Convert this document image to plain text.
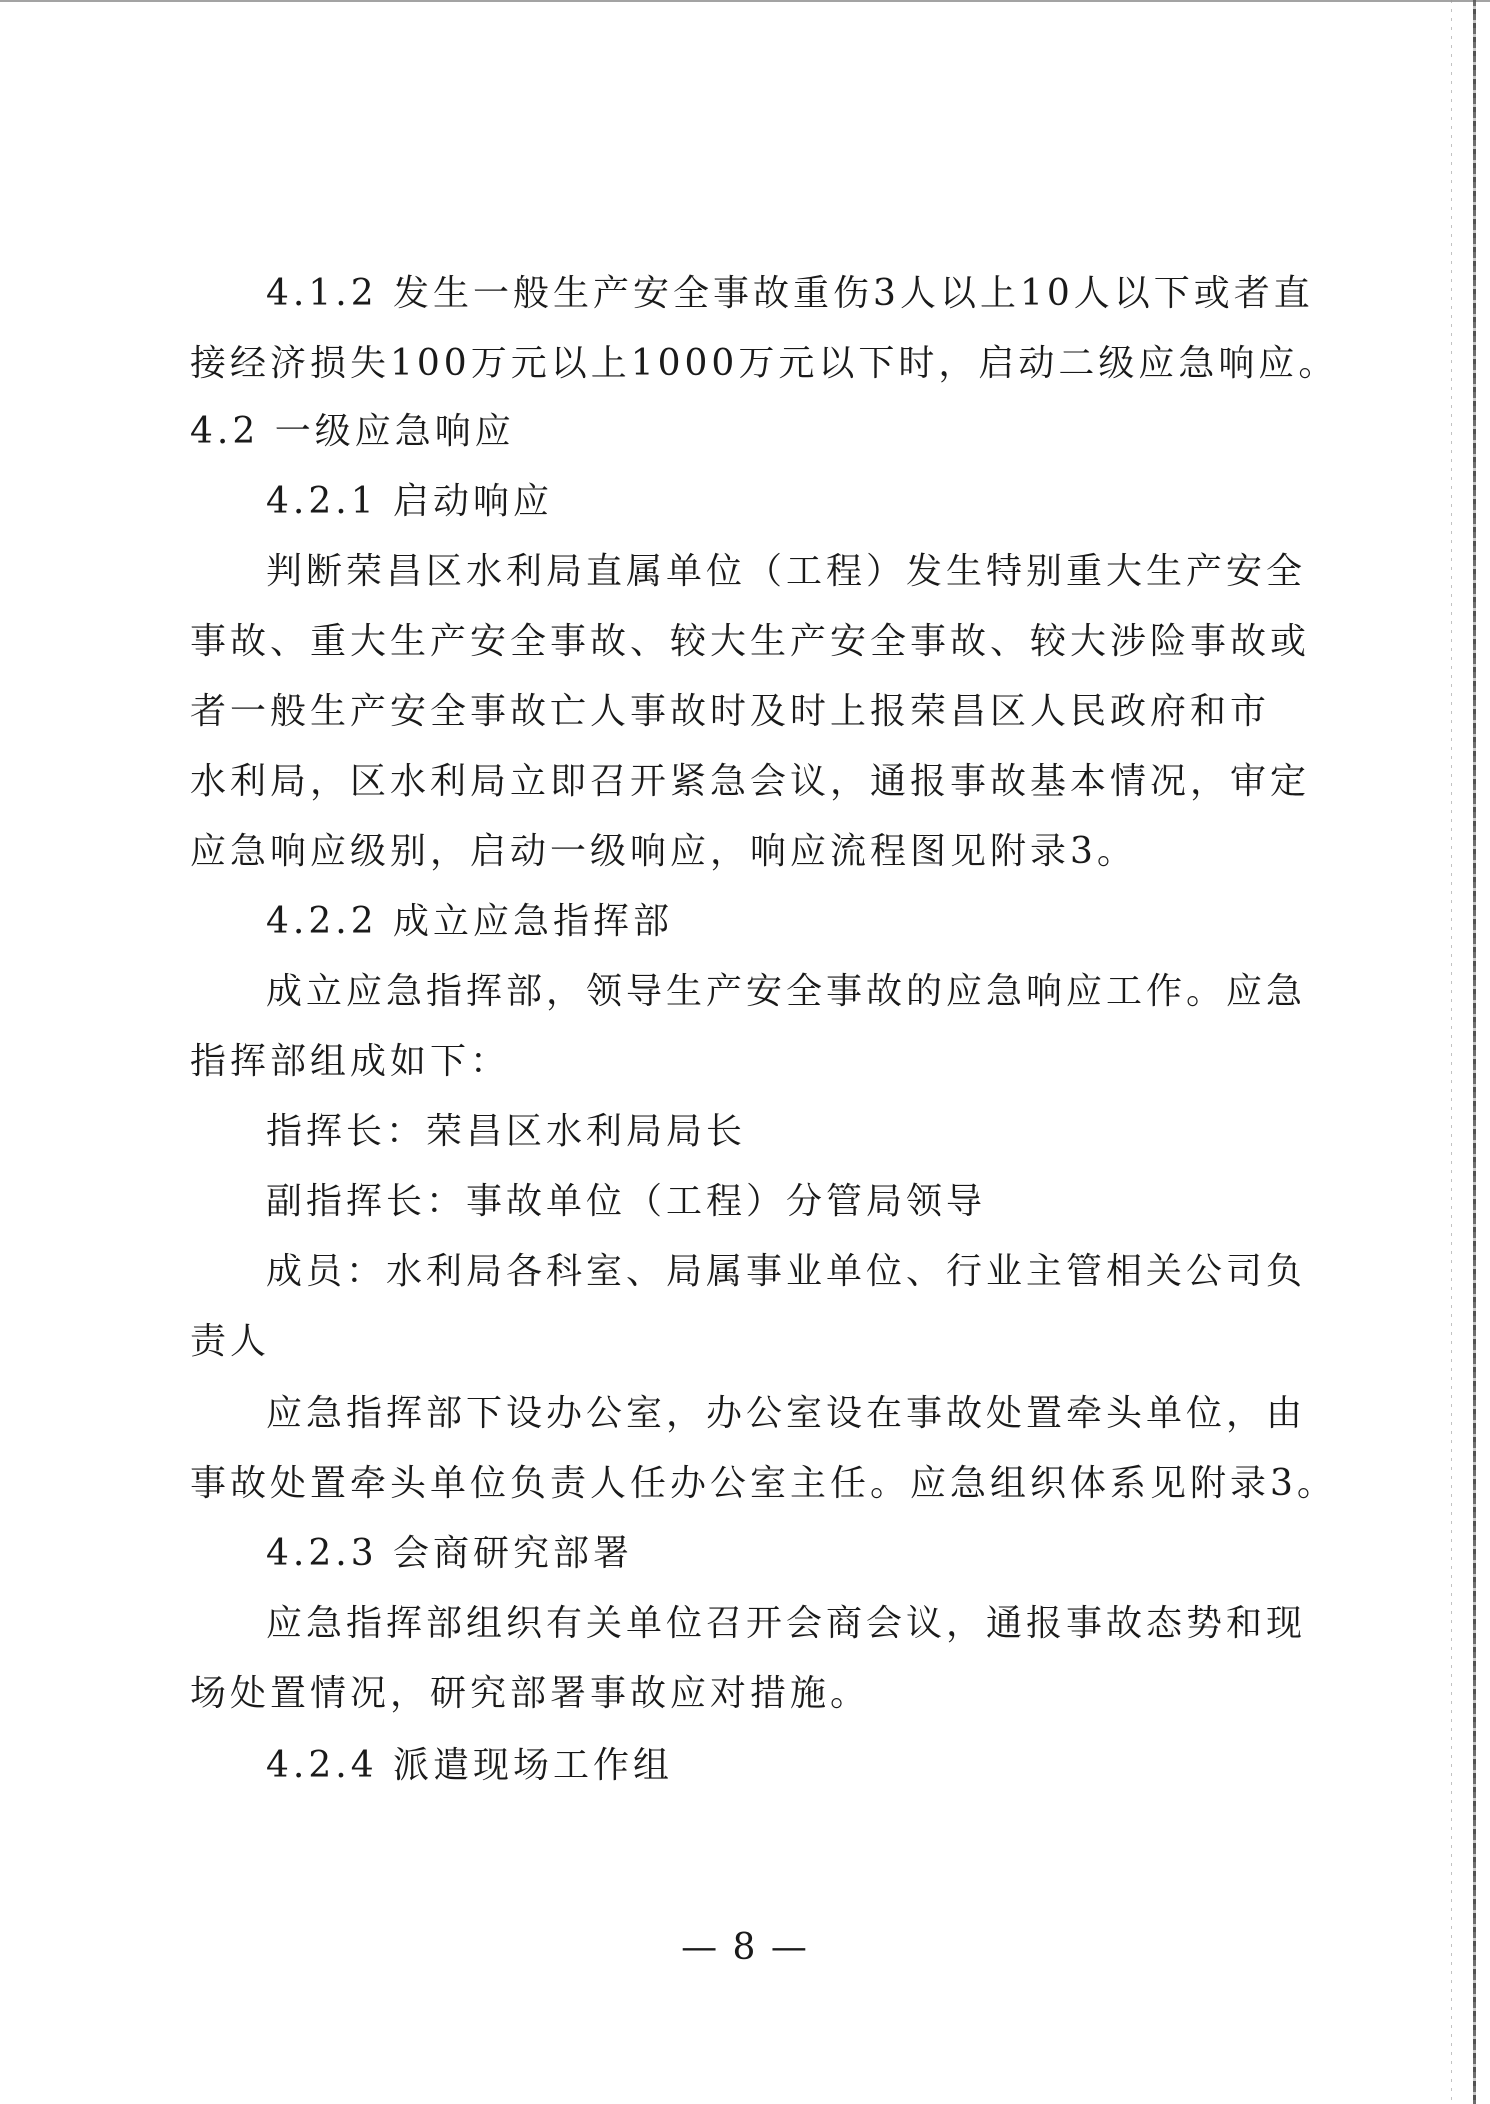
4.1.2 发生一般生产安全事故重伤3人以上10人以下或者直
接经济损失100万元以上1000万元以下时，启动二级应急响应。
4.2 一级应急响应
4.2.1 启动响应
判断荣昌区水利局直属单位（工程）发生特别重大生产安全
事故、重大生产安全事故、较大生产安全事故、较大涉险事故或
者一般生产安全事故亡人事故时及时上报荣昌区人民政府和市
水利局，区水利局立即召开紧急会议，通报事故基本情况，审定
应急响应级别，启动一级响应，响应流程图见附录3。
4.2.2 成立应急指挥部
成立应急指挥部，领导生产安全事故的应急响应工作。应急
指挥部组成如下：
指挥长：荣昌区水利局局长
副指挥长：事故单位（工程）分管局领导
成员：水利局各科室、局属事业单位、行业主管相关公司负
责人
应急指挥部下设办公室，办公室设在事故处置牵头单位，由
事故处置牵头单位负责人任办公室主任。应急组织体系见附录3。
4.2.3 会商研究部署
应急指挥部组织有关单位召开会商会议，通报事故态势和现
场处置情况，研究部署事故应对措施。
4.2.4 派遣现场工作组
— 8 —
